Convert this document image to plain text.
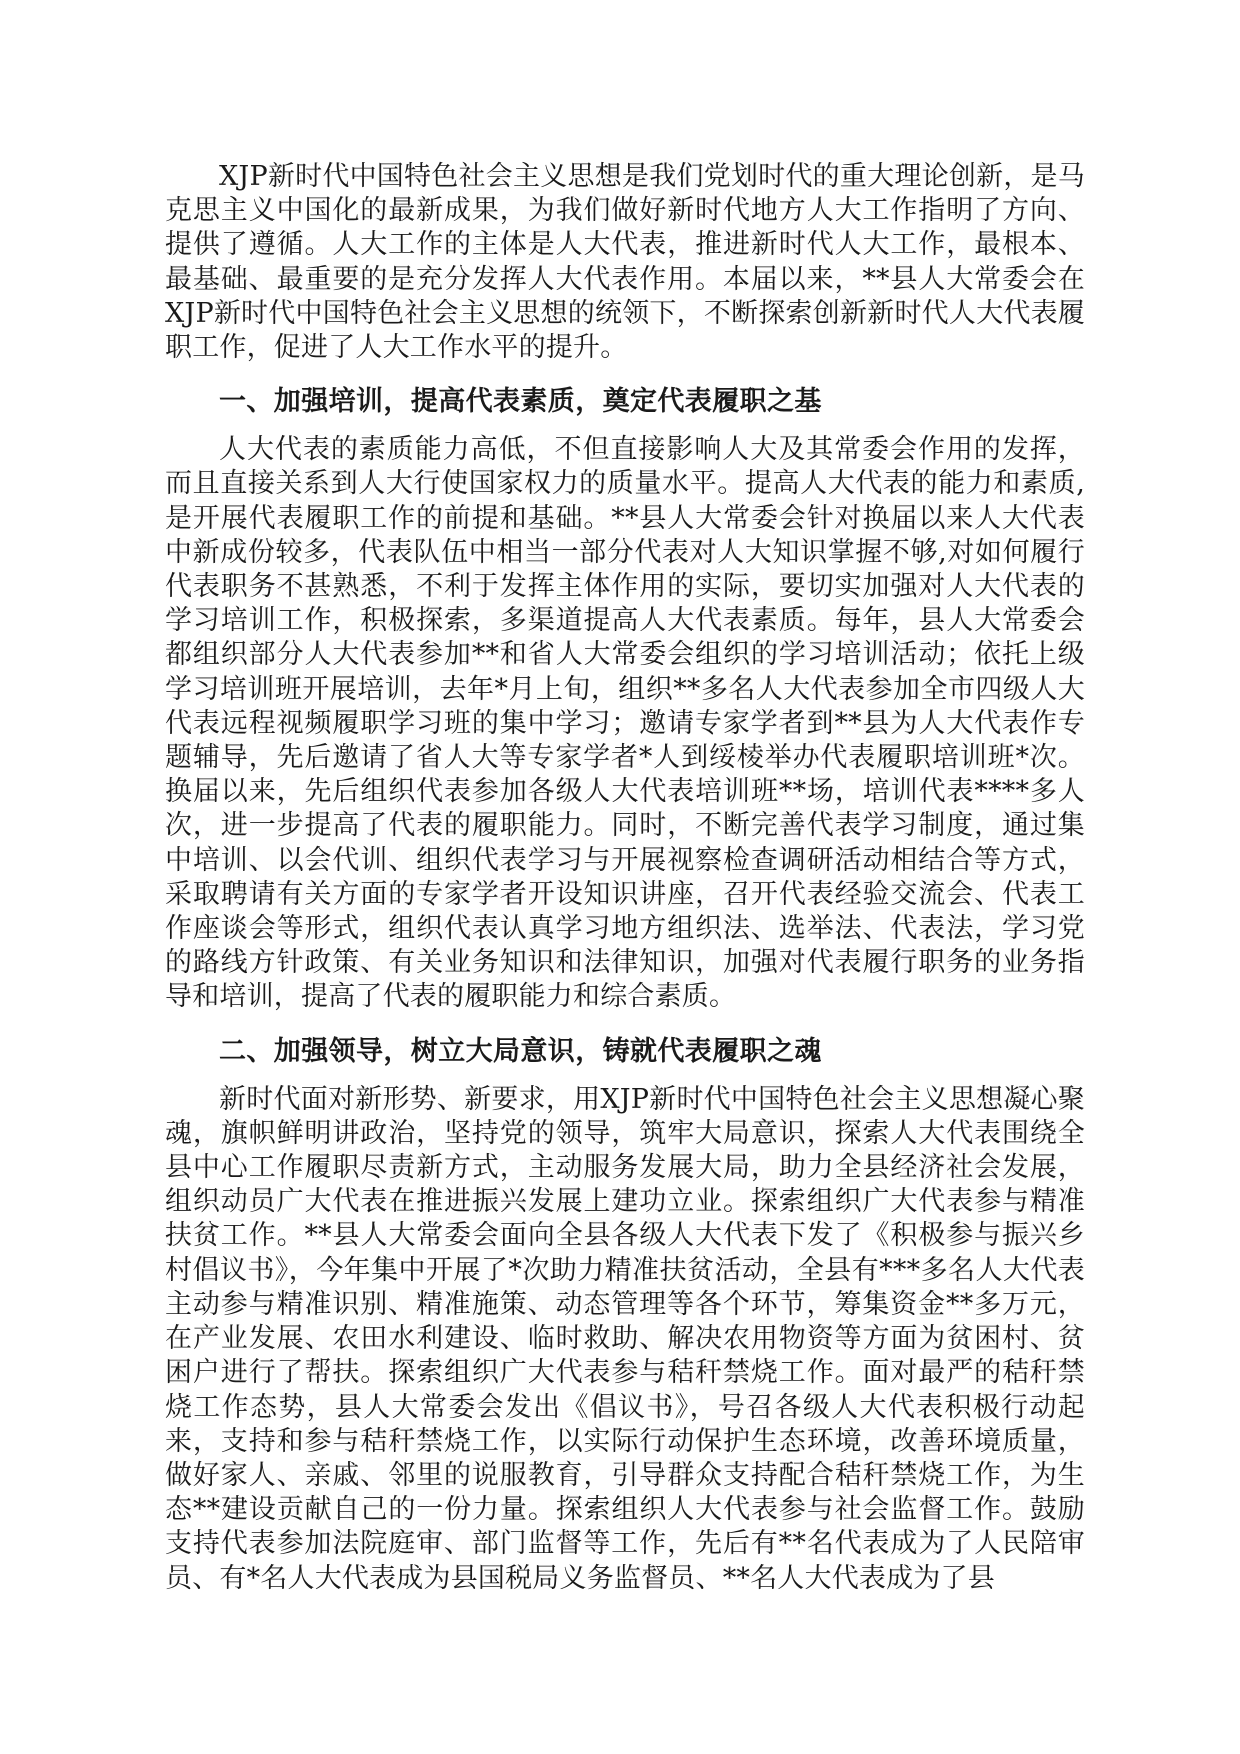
XJP新时代中国特色社会主义思想是我们党划时代的重大理论创新，是马克思主义中国化的最新成果，为我们做好新时代地方人大工作指明了方向、提供了遵循。人大工作的主体是人大代表，推进新时代人大工作，最根本、最基础、最重要的是充分发挥人大代表作用。本届以来，**县人大常委会在XJP新时代中国特色社会主义思想的统领下，不断探索创新新时代人大代表履职工作，促进了人大工作水平的提升。

一、加强培训，提高代表素质，奠定代表履职之基

人大代表的素质能力高低，不但直接影响人大及其常委会作用的发挥，而且直接关系到人大行使国家权力的质量水平。提高人大代表的能力和素质,是开展代表履职工作的前提和基础。**县人大常委会针对换届以来人大代表中新成份较多，代表队伍中相当一部分代表对人大知识掌握不够,对如何履行代表职务不甚熟悉，不利于发挥主体作用的实际，要切实加强对人大代表的学习培训工作，积极探索，多渠道提高人大代表素质。每年，县人大常委会都组织部分人大代表参加**和省人大常委会组织的学习培训活动；依托上级学习培训班开展培训，去年*月上旬，组织**多名人大代表参加全市四级人大代表远程视频履职学习班的集中学习；邀请专家学者到**县为人大代表作专题辅导，先后邀请了省人大等专家学者*人到绥棱举办代表履职培训班*次。换届以来，先后组织代表参加各级人大代表培训班**场，培训代表****多人次，进一步提高了代表的履职能力。同时，不断完善代表学习制度，通过集中培训、以会代训、组织代表学习与开展视察检查调研活动相结合等方式，采取聘请有关方面的专家学者开设知识讲座，召开代表经验交流会、代表工作座谈会等形式，组织代表认真学习地方组织法、选举法、代表法，学习党的路线方针政策、有关业务知识和法律知识，加强对代表履行职务的业务指导和培训，提高了代表的履职能力和综合素质。

二、加强领导，树立大局意识，铸就代表履职之魂

新时代面对新形势、新要求，用XJP新时代中国特色社会主义思想凝心聚魂，旗帜鲜明讲政治，坚持党的领导，筑牢大局意识，探索人大代表围绕全县中心工作履职尽责新方式，主动服务发展大局，助力全县经济社会发展，组织动员广大代表在推进振兴发展上建功立业。探索组织广大代表参与精准扶贫工作。**县人大常委会面向全县各级人大代表下发了《积极参与振兴乡村倡议书》，今年集中开展了*次助力精准扶贫活动，全县有***多名人大代表主动参与精准识别、精准施策、动态管理等各个环节，筹集资金**多万元，在产业发展、农田水利建设、临时救助、解决农用物资等方面为贫困村、贫困户进行了帮扶。探索组织广大代表参与秸秆禁烧工作。面对最严的秸秆禁烧工作态势，县人大常委会发出《倡议书》，号召各级人大代表积极行动起来，支持和参与秸秆禁烧工作，以实际行动保护生态环境，改善环境质量，做好家人、亲戚、邻里的说服教育，引导群众支持配合秸秆禁烧工作，为生态**建设贡献自己的一份力量。探索组织人大代表参与社会监督工作。鼓励支持代表参加法院庭审、部门监督等工作，先后有**名代表成为了人民陪审员、有*名人大代表成为县国税局义务监督员、**名人大代表成为了县
